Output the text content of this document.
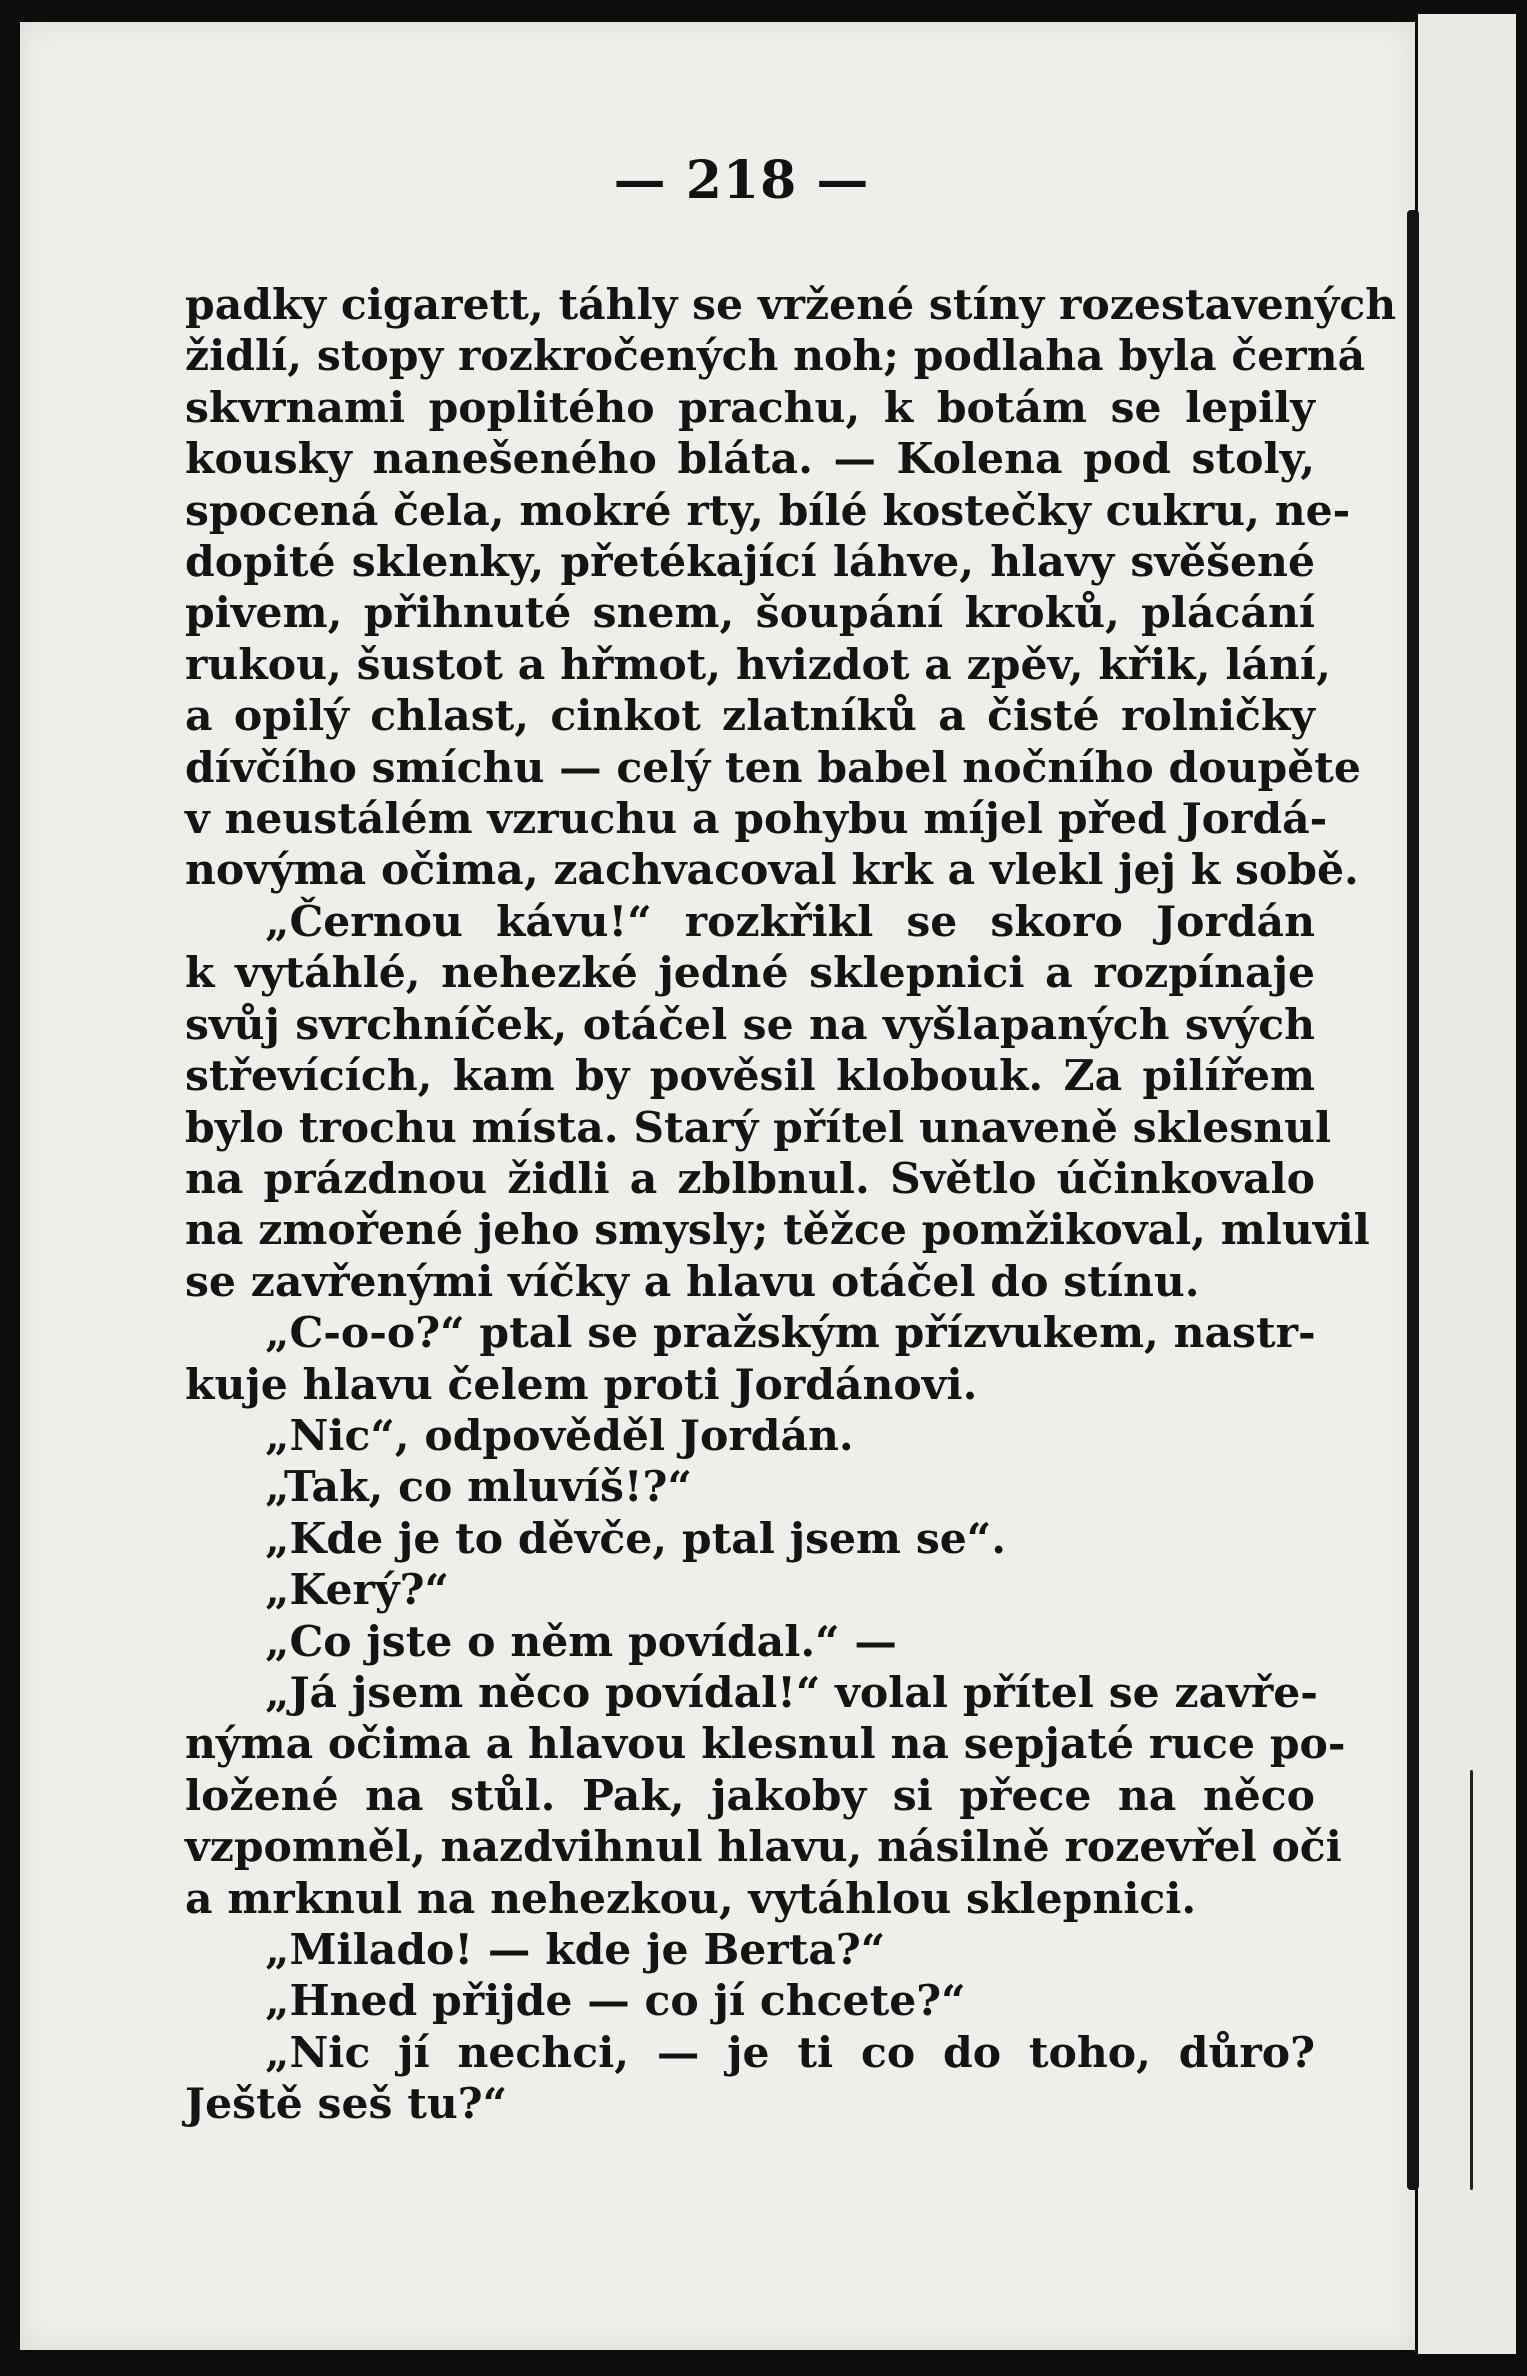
— 218 —
padky cigarett, táhly se vržené stíny rozestavených
židlí, stopy rozkročených noh; podlaha byla černá
skvrnami poplitého prachu, k botám se lepily
kousky nanešeného bláta. — Kolena pod stoly,
spocená čela, mokré rty, bílé kostečky cukru, ne-
dopité sklenky, přetékající láhve, hlavy svěšené
pivem, přihnuté snem, šoupání kroků, plácání
rukou, šustot a hřmot, hvizdot a zpěv, křik, lání,
a opilý chlast, cinkot zlatníků a čisté rolničky
dívčího smíchu — celý ten babel nočního doupěte
v neustálém vzruchu a pohybu míjel před Jordá-
novýma očima, zachvacoval krk a vlekl jej k sobě.
„Černou kávu!“ rozkřikl se skoro Jordán
k vytáhlé, nehezké jedné sklepnici a rozpínaje
svůj svrchníček, otáčel se na vyšlapaných svých
střevících, kam by pověsil klobouk. Za pilířem
bylo trochu místa. Starý přítel unaveně sklesnul
na prázdnou židli a zblbnul. Světlo účinkovalo
na zmořené jeho smysly; těžce pomžikoval, mluvil
se zavřenými víčky a hlavu otáčel do stínu.
„C-o-o?“ ptal se pražským přízvukem, nastr-
kuje hlavu čelem proti Jordánovi.
„Nic“, odpověděl Jordán.
„Tak, co mluvíš!?“
„Kde je to děvče, ptal jsem se“.
„Kerý?“
„Co jste o něm povídal.“ —
„Já jsem něco povídal!“ volal přítel se zavře-
nýma očima a hlavou klesnul na sepjaté ruce po-
ložené na stůl. Pak, jakoby si přece na něco
vzpomněl, nazdvihnul hlavu, násilně rozevřel oči
a mrknul na nehezkou, vytáhlou sklepnici.
„Milado! — kde je Berta?“
„Hned přijde — co jí chcete?“
„Nic jí nechci, — je ti co do toho, důro?
Ještě seš tu?“
